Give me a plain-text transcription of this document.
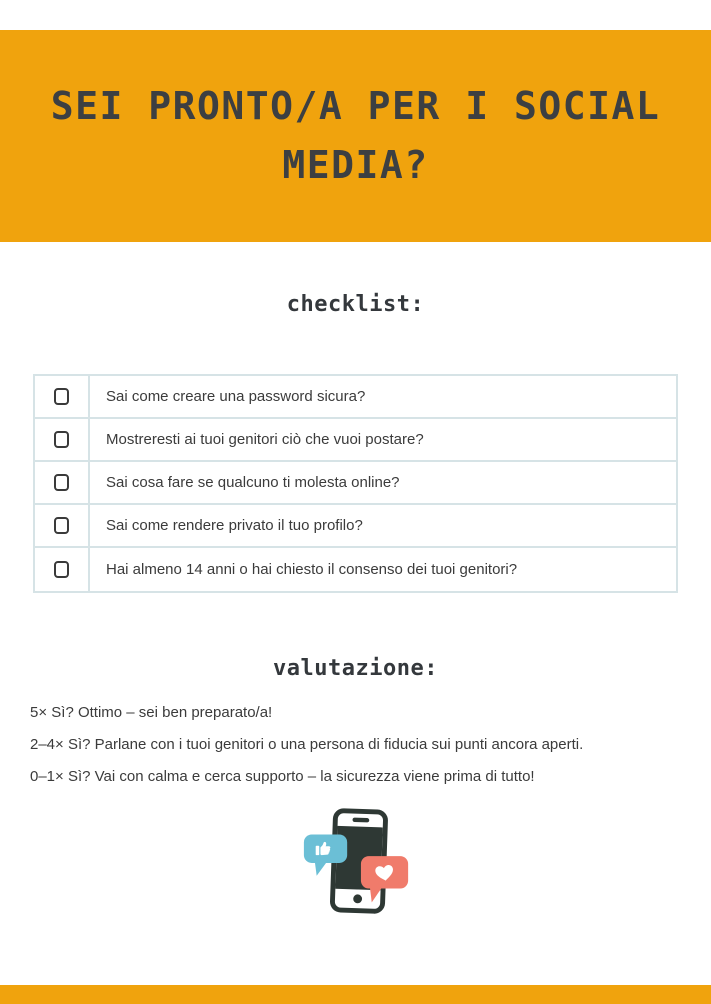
SEI PRONTO/A PER I SOCIAL MEDIA?
checklist:
Sai come creare una password sicura?
Mostreresti ai tuoi genitori ciò che vuoi postare?
Sai cosa fare se qualcuno ti molesta online?
Sai come rendere privato il tuo profilo?
Hai almeno 14 anni o hai chiesto il consenso dei tuoi genitori?
valutazione:

5× Sì? Ottimo – sei ben preparato/a!

2–4× Sì? Parlane con i tuoi genitori o una persona di fiducia sui punti ancora aperti.

0–1× Sì? Vai con calma e cerca supporto – la sicurezza viene prima di tutto!
